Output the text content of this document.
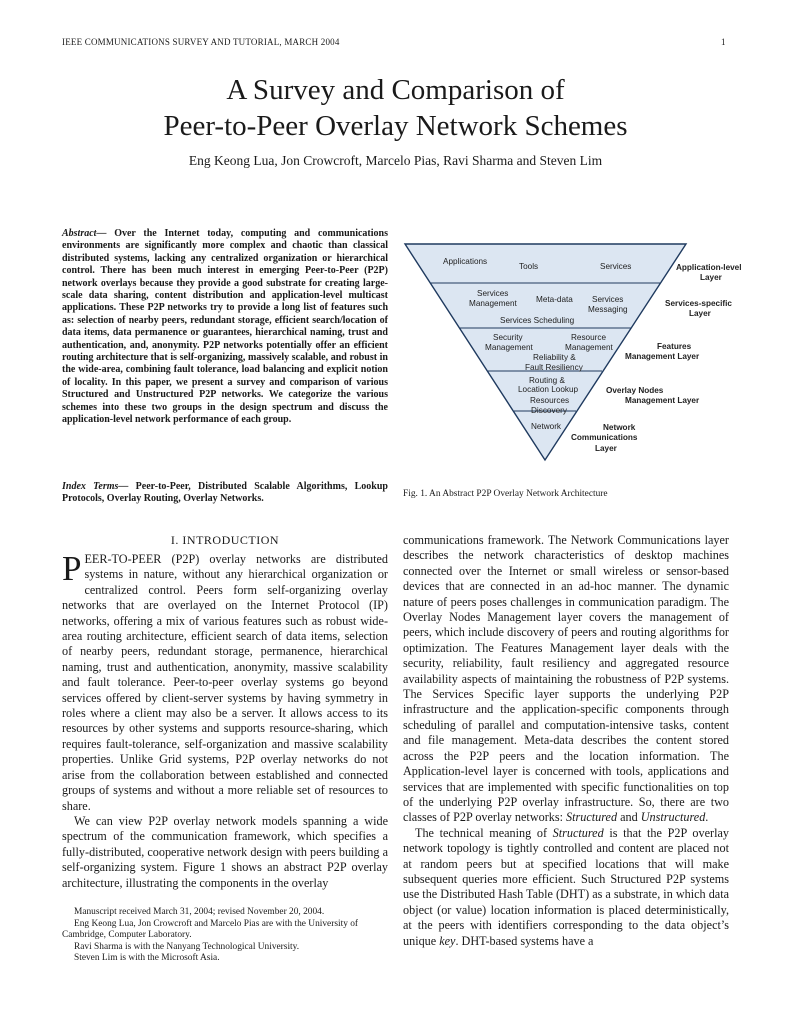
IEEE COMMUNICATIONS SURVEY AND TUTORIAL, MARCH 2004	1
A Survey and Comparison of
Peer-to-Peer Overlay Network Schemes
Eng Keong Lua, Jon Crowcroft, Marcelo Pias, Ravi Sharma and Steven Lim
Abstract— Over the Internet today, computing and communications environments are significantly more complex and chaotic than classical distributed systems, lacking any centralized organization or hierarchical control. There has been much interest in emerging Peer-to-Peer (P2P) network overlays because they provide a good substrate for creating large-scale data sharing, content distribution and application-level multicast applications. These P2P networks try to provide a long list of features such as: selection of nearby peers, redundant storage, efficient search/location of data items, data permanence or guarantees, hierarchical naming, trust and authentication, and, anonymity. P2P networks potentially offer an efficient routing architecture that is self-organizing, massively scalable, and robust in the wide-area, combining fault tolerance, load balancing and explicit notion of locality. In this paper, we present a survey and comparison of various Structured and Unstructured P2P networks. We categorize the various schemes into these two groups in the design spectrum and discuss the application-level network performance of each group.
Index Terms— Peer-to-Peer, Distributed Scalable Algorithms, Lookup Protocols, Overlay Routing, Overlay Networks.
I. INTRODUCTION

PEER-TO-PEER (P2P) overlay networks are distributed systems in nature, without any hierarchical organization or centralized control. Peers form self-organizing overlay networks that are overlayed on the Internet Protocol (IP) networks, offering a mix of various features such as robust wide-area routing architecture, efficient search of data items, selection of nearby peers, redundant storage, permanence, hierarchical naming, trust and authentication, anonymity, massive scalability and fault tolerance. Peer-to-peer overlay systems go beyond services offered by client-server systems by having symmetry in roles where a client may also be a server. It allows access to its resources by other systems and supports resource-sharing, which requires fault-tolerance, self-organization and massive scalability properties. Unlike Grid systems, P2P overlay networks do not arise from the collaboration between established and connected groups of systems and without a more reliable set of resources to share.

We can view P2P overlay network models spanning a wide spectrum of the communication framework, which specifies a fully-distributed, cooperative network design with peers building a self-organizing system. Figure 1 shows an abstract P2P overlay architecture, illustrating the components in the overlay

Manuscript received March 31, 2004; revised November 20, 2004.
Eng Keong Lua, Jon Crowcroft and Marcelo Pias are with the University of Cambridge, Computer Laboratory.
Ravi Sharma is with the Nanyang Technological University.
Steven Lim is with the Microsoft Asia.
Applications
Tools	Services
Services
Management Meta-data Services
Messaging
Services Scheduling
Security
Management
Resource
Management
Reliability &
Fault Resiliency
Routing &
Location Lookup
Resources
Discovery
Network
Application-level
Layer
Services-specific
Layer
Features
Management Layer
Overlay Nodes
Management Layer
Network
Communications
Layer
Fig. 1. An Abstract P2P Overlay Network Architecture

communications framework. The Network Communications layer describes the network characteristics of desktop machines connected over the Internet or small wireless or sensor-based devices that are connected in an ad-hoc manner. The dynamic nature of peers poses challenges in communication paradigm. The Overlay Nodes Management layer covers the management of peers, which include discovery of peers and routing algorithms for optimization. The Features Management layer deals with the security, reliability, fault resiliency and aggregated resource availability aspects of maintaining the robustness of P2P systems. The Services Specific layer supports the underlying P2P infrastructure and the application-specific components through scheduling of parallel and computation-intensive tasks, content and file management. Meta-data describes the content stored across the P2P peers and the location information. The Application-level layer is concerned with tools, applications and services that are implemented with specific functionalities on top of the underlying P2P overlay infrastructure. So, there are two classes of P2P overlay networks: Structured and Unstructured.

The technical meaning of Structured is that the P2P overlay network topology is tightly controlled and content are placed not at random peers but at specified locations that will make subsequent queries more efficient. Such Structured P2P systems use the Distributed Hash Table (DHT) as a substrate, in which data object (or value) location information is placed deterministically, at the peers with identifiers corresponding to the data object’s unique key. DHT-based systems have a
